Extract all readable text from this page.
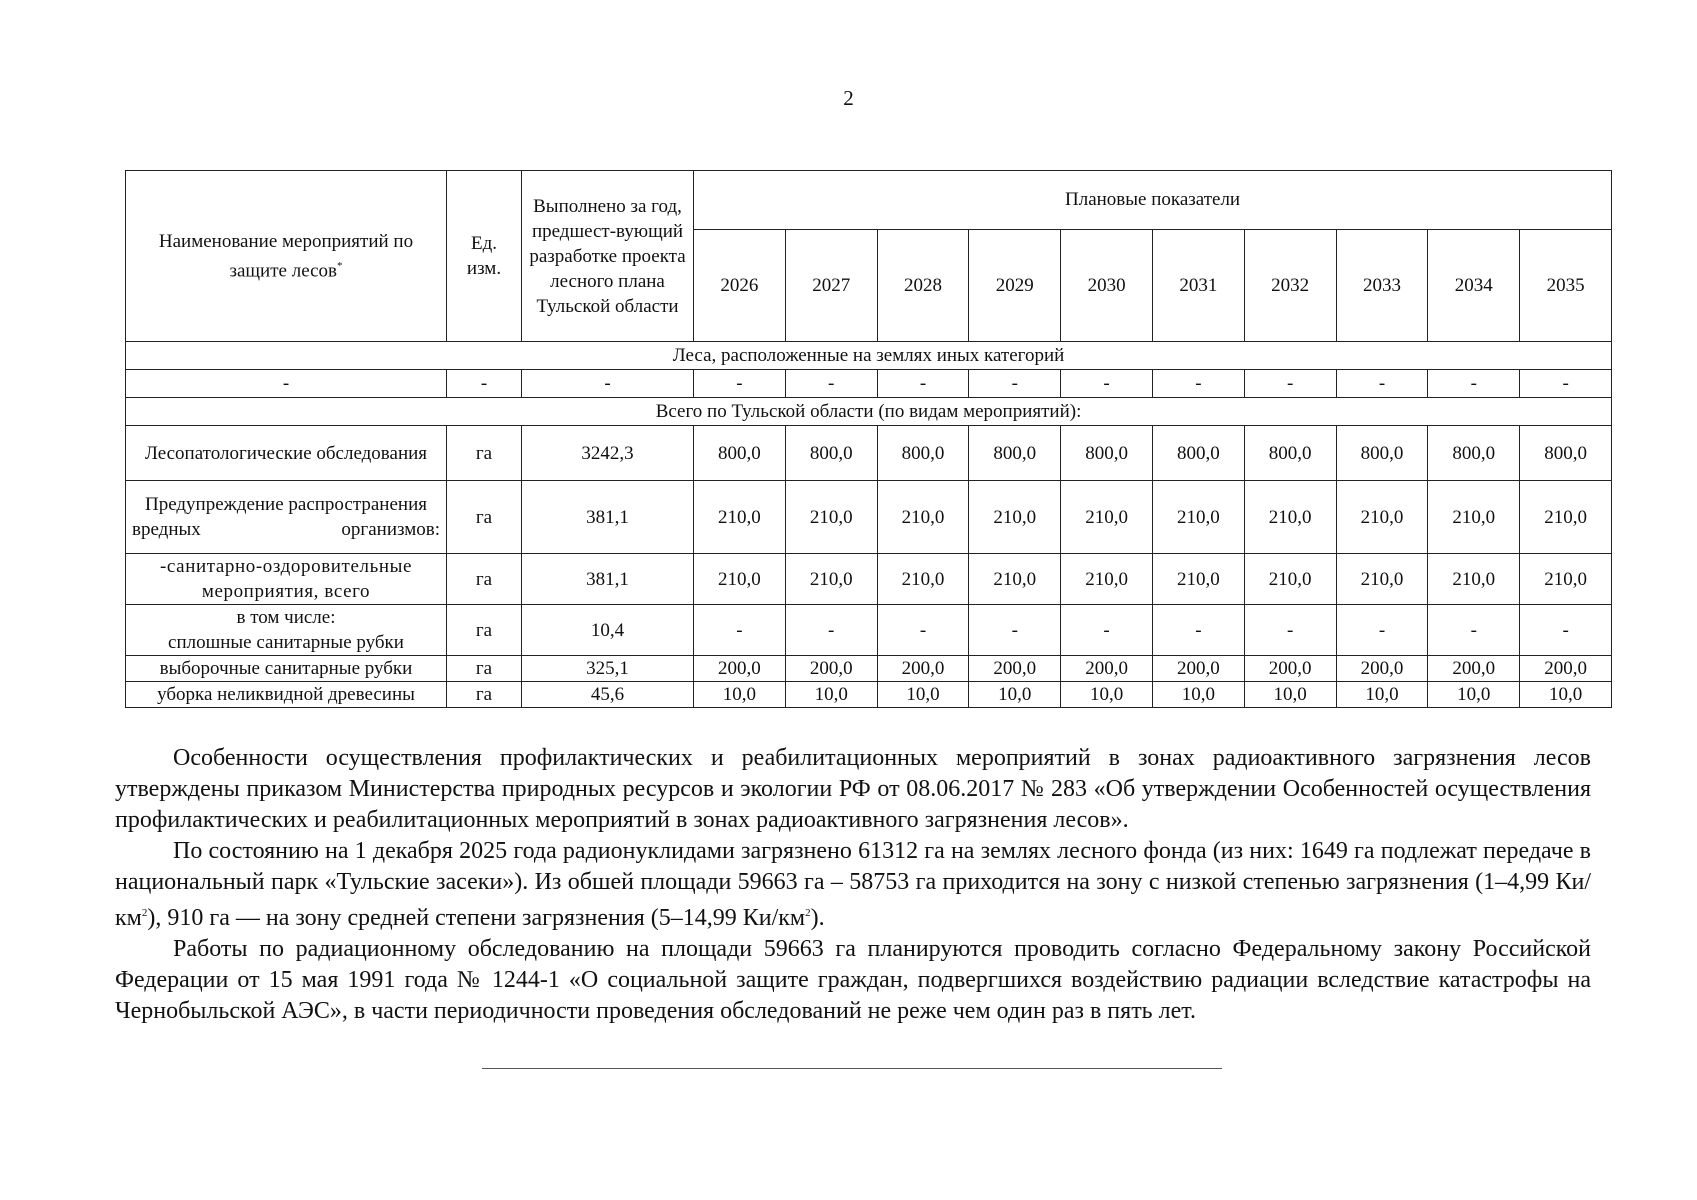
2
Наименование мероприятий по защите лесов*	Ед. изм.	Выполнено за год, предшест-вующий разработке проекта лесного плана Тульской области	Плановые показатели									
			2026	2027	2028	2029	2030	2031	2032	2033	2034	2035
Леса, расположенные на землях иных категорий												
-	-	-	-	-	-	-	-	-	-	-	-	-
Всего по Тульской области (по видам мероприятий):												
Лесопатологические обследования	га	3242,3	800,0	800,0	800,0	800,0	800,0	800,0	800,0	800,0	800,0	800,0
Предупреждение распространения вредных организмов:	га	381,1	210,0	210,0	210,0	210,0	210,0	210,0	210,0	210,0	210,0	210,0
-санитарно-оздоровительные мероприятия, всего	га	381,1	210,0	210,0	210,0	210,0	210,0	210,0	210,0	210,0	210,0	210,0

в том числе:
сплошные санитарные рубки	га	10,4	-	-	-	-	-	-	-	-	-	-
выборочные санитарные рубки	га	325,1	200,0	200,0	200,0	200,0	200,0	200,0	200,0	200,0	200,0	200,0
уборка неликвидной древесины	га	45,6	10,0	10,0	10,0	10,0	10,0	10,0	10,0	10,0	10,0	10,0

Особенности осуществления профилактических и реабилитационных мероприятий в зонах радиоактивного загрязнения лесов утверждены приказом Министерства природных ресурсов и экологии РФ от 08.06.2017 № 283 «Об утверждении Особенностей осуществления профилактических и реабилитационных мероприятий в зонах радиоактивного загрязнения лесов».

По состоянию на 1 декабря 2025 года радионуклидами загрязнено 61312 га на землях лесного фонда (из них: 1649 га подлежат передаче в национальный парк «Тульские засеки»). Из обшей площади 59663 га – 58753 га приходится на зону с низкой степенью загрязнения (1–4,99 $Ки/км^2$), 910 га — на зону средней степени загрязнения (5–14,99 $Ки/км^2$).

Работы по радиационному обследованию на площади 59663 га планируются проводить согласно Федеральному закону Российской Федерации от 15 мая 1991 года № 1244-1 «О социальной защите граждан, подвергшихся воздействию радиации вследствие катастрофы на Чернобыльской АЭС», в части периодичности проведения обследований не реже чем один раз в пять лет.
